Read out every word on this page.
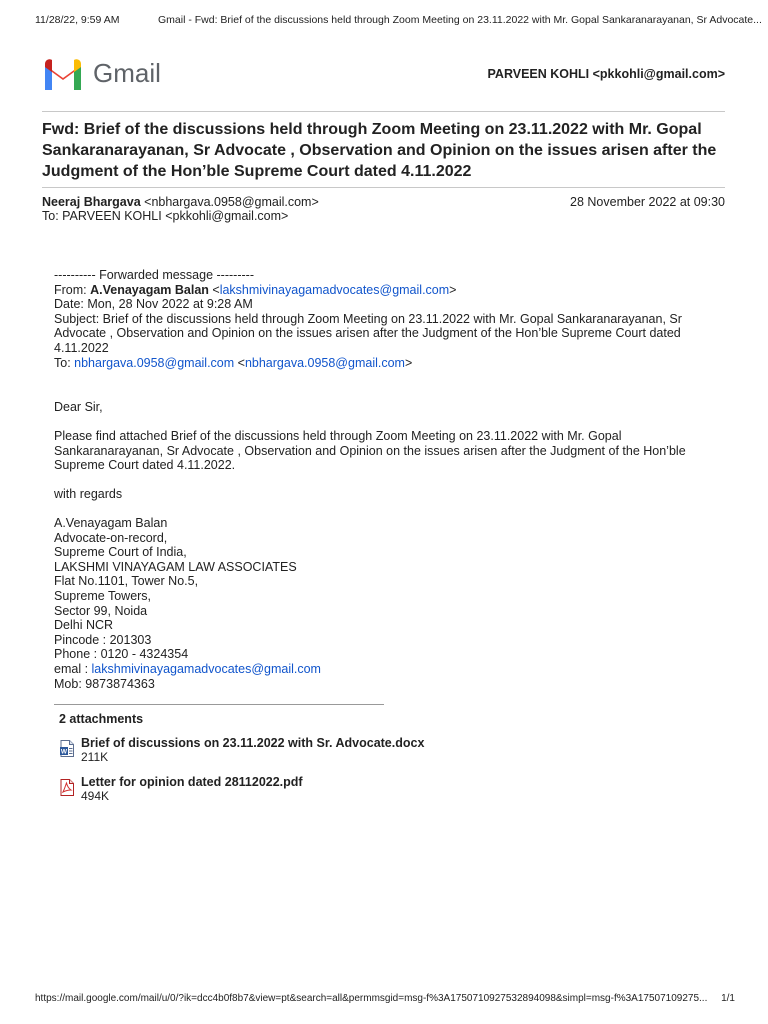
11/28/22, 9:59 AM	Gmail - Fwd: Brief of the discussions held through Zoom Meeting on 23.11.2022 with Mr. Gopal Sankaranarayanan, Sr Advocate...
Gmail	PARVEEN KOHLI <pkkohli@gmail.com>
Fwd: Brief of the discussions held through Zoom Meeting on 23.11.2022 with Mr. Gopal Sankaranarayanan, Sr Advocate , Observation and Opinion on the issues arisen after the Judgment of the Hon’ble Supreme Court dated 4.11.2022
Neeraj Bhargava <nbhargava.0958@gmail.com>	28 November 2022 at 09:30
To: PARVEEN KOHLI <pkkohli@gmail.com>
---------- Forwarded message ---------
From: A.Venayagam Balan <lakshmivinayagamadvocates@gmail.com>
Date: Mon, 28 Nov 2022 at 9:28 AM
Subject: Brief of the discussions held through Zoom Meeting on 23.11.2022 with Mr. Gopal Sankaranarayanan, Sr
Advocate , Observation and Opinion on the issues arisen after the Judgment of the Hon’ble Supreme Court dated
4.11.2022
To: nbhargava.0958@gmail.com <nbhargava.0958@gmail.com>
Dear Sir,
Please find attached Brief of the discussions held through Zoom Meeting on 23.11.2022 with Mr. Gopal
Sankaranarayanan, Sr Advocate , Observation and Opinion on the issues arisen after the Judgment of the Hon’ble
Supreme Court dated 4.11.2022.
with regards
A.Venayagam Balan
Advocate-on-record,
Supreme Court of India,
LAKSHMI VINAYAGAM LAW ASSOCIATES
Flat No.1101, Tower No.5,
Supreme Towers,
Sector 99, Noida
Delhi NCR
Pincode : 201303
Phone : 0120 - 4324354
emal : lakshmivinayagamadvocates@gmail.com
Mob: 9873874363
2 attachments
W
Brief of discussions on 23.11.2022 with Sr. Advocate.docx
211K
Letter for opinion dated 28112022.pdf
494K
https://mail.google.com/mail/u/0/?ik=dcc4b0f8b7&view=pt&search=all&permmsgid=msg-f%3A1750710927532894098&simpl=msg-f%3A17507109275... 1/1
